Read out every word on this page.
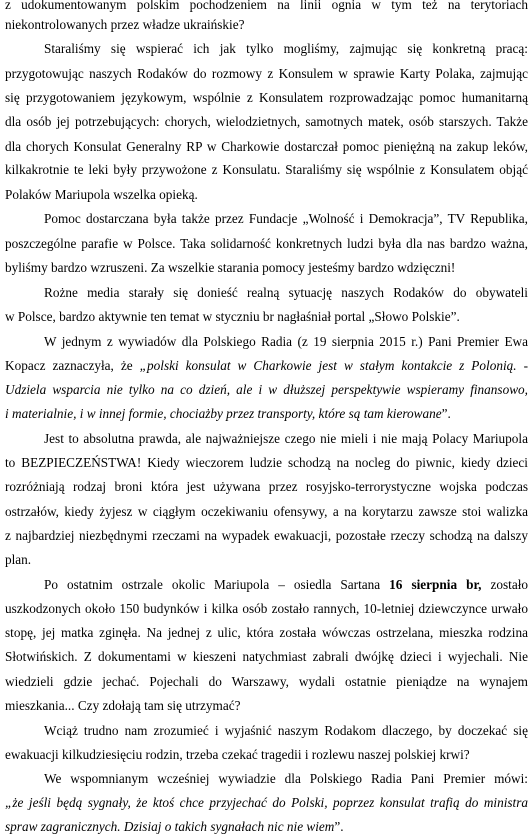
z udokumentowanym polskim pochodzeniem na linii ognia w tym też na terytoriach
niekontrolowanych przez władze ukraińskie?
Staraliśmy się wspierać ich jak tylko mogliśmy, zajmując się konkretną pracą:
przygotowując naszych Rodaków do rozmowy z Konsulem w sprawie Karty Polaka, zajmując
się przygotowaniem językowym, wspólnie z Konsulatem rozprowadzając pomoc humanitarną
dla osób jej potrzebujących: chorych, wielodzietnych, samotnych matek, osób starszych. Także
dla chorych Konsulat Generalny RP w Charkowie dostarczał pomoc pieniężną na zakup leków,
kilkakrotnie te leki były przywożone z Konsulatu. Staraliśmy się wspólnie z Konsulatem objąć
Polaków Mariupola wszelka opieką.
Pomoc dostarczana była także przez Fundacje „Wolność i Demokracja”, TV Republika,
poszczególne parafie w Polsce. Taka solidarność konkretnych ludzi była dla nas bardzo ważna,
byliśmy bardzo wzruszeni. Za wszelkie starania pomocy jesteśmy bardzo wdzięczni!
Rożne media starały się donieść realną sytuację naszych Rodaków do obywateli
w Polsce, bardzo aktywnie ten temat w styczniu br nagłaśniał portal „Słowo Polskie”.
W jednym z wywiadów dla Polskiego Radia (z 19 sierpnia 2015 r.) Pani Premier Ewa
Kopacz zaznaczyła, że „polski konsulat w Charkowie jest w stałym kontakcie z Polonią. -
Udziela wsparcia nie tylko na co dzień, ale i w dłuższej perspektywie wspieramy finansowo,
i materialnie, i w innej formie, chociażby przez transporty, które są tam kierowane”.
Jest to absolutna prawda, ale najważniejsze czego nie mieli i nie mają Polacy Mariupola
to BEZPIECZEŃSTWA! Kiedy wieczorem ludzie schodzą na nocleg do piwnic, kiedy dzieci
rozróżniają rodzaj broni która jest używana przez rosyjsko-terrorystyczne wojska podczas
ostrzałów, kiedy żyjesz w ciągłym oczekiwaniu ofensywy, a na korytarzu zawsze stoi walizka
z najbardziej niezbędnymi rzeczami na wypadek ewakuacji, pozostałe rzeczy schodzą na dalszy
plan.
Po ostatnim ostrzale okolic Mariupola – osiedla Sartana 16 sierpnia br, zostało
uszkodzonych około 150 budynków i kilka osób zostało rannych, 10-letniej dziewczynce urwało
stopę, jej matka zginęła. Na jednej z ulic, która została wówczas ostrzelana, mieszka rodzina
Słotwińskich. Z dokumentami w kieszeni natychmiast zabrali dwójkę dzieci i wyjechali. Nie
wiedzieli gdzie jechać. Pojechali do Warszawy, wydali ostatnie pieniądze na wynajem
mieszkania... Czy zdołają tam się utrzymać?
Wciąż trudno nam zrozumieć i wyjaśnić naszym Rodakom dlaczego, by doczekać się
ewakuacji kilkudziesięciu rodzin, trzeba czekać tragedii i rozlewu naszej polskiej krwi?
We wspomnianym wcześniej wywiadzie dla Polskiego Radia Pani Premier mówi:
„że jeśli będą sygnały, że ktoś chce przyjechać do Polski, poprzez konsulat trafią do ministra
spraw zagranicznych. Dzisiaj o takich sygnałach nic nie wiem”.
